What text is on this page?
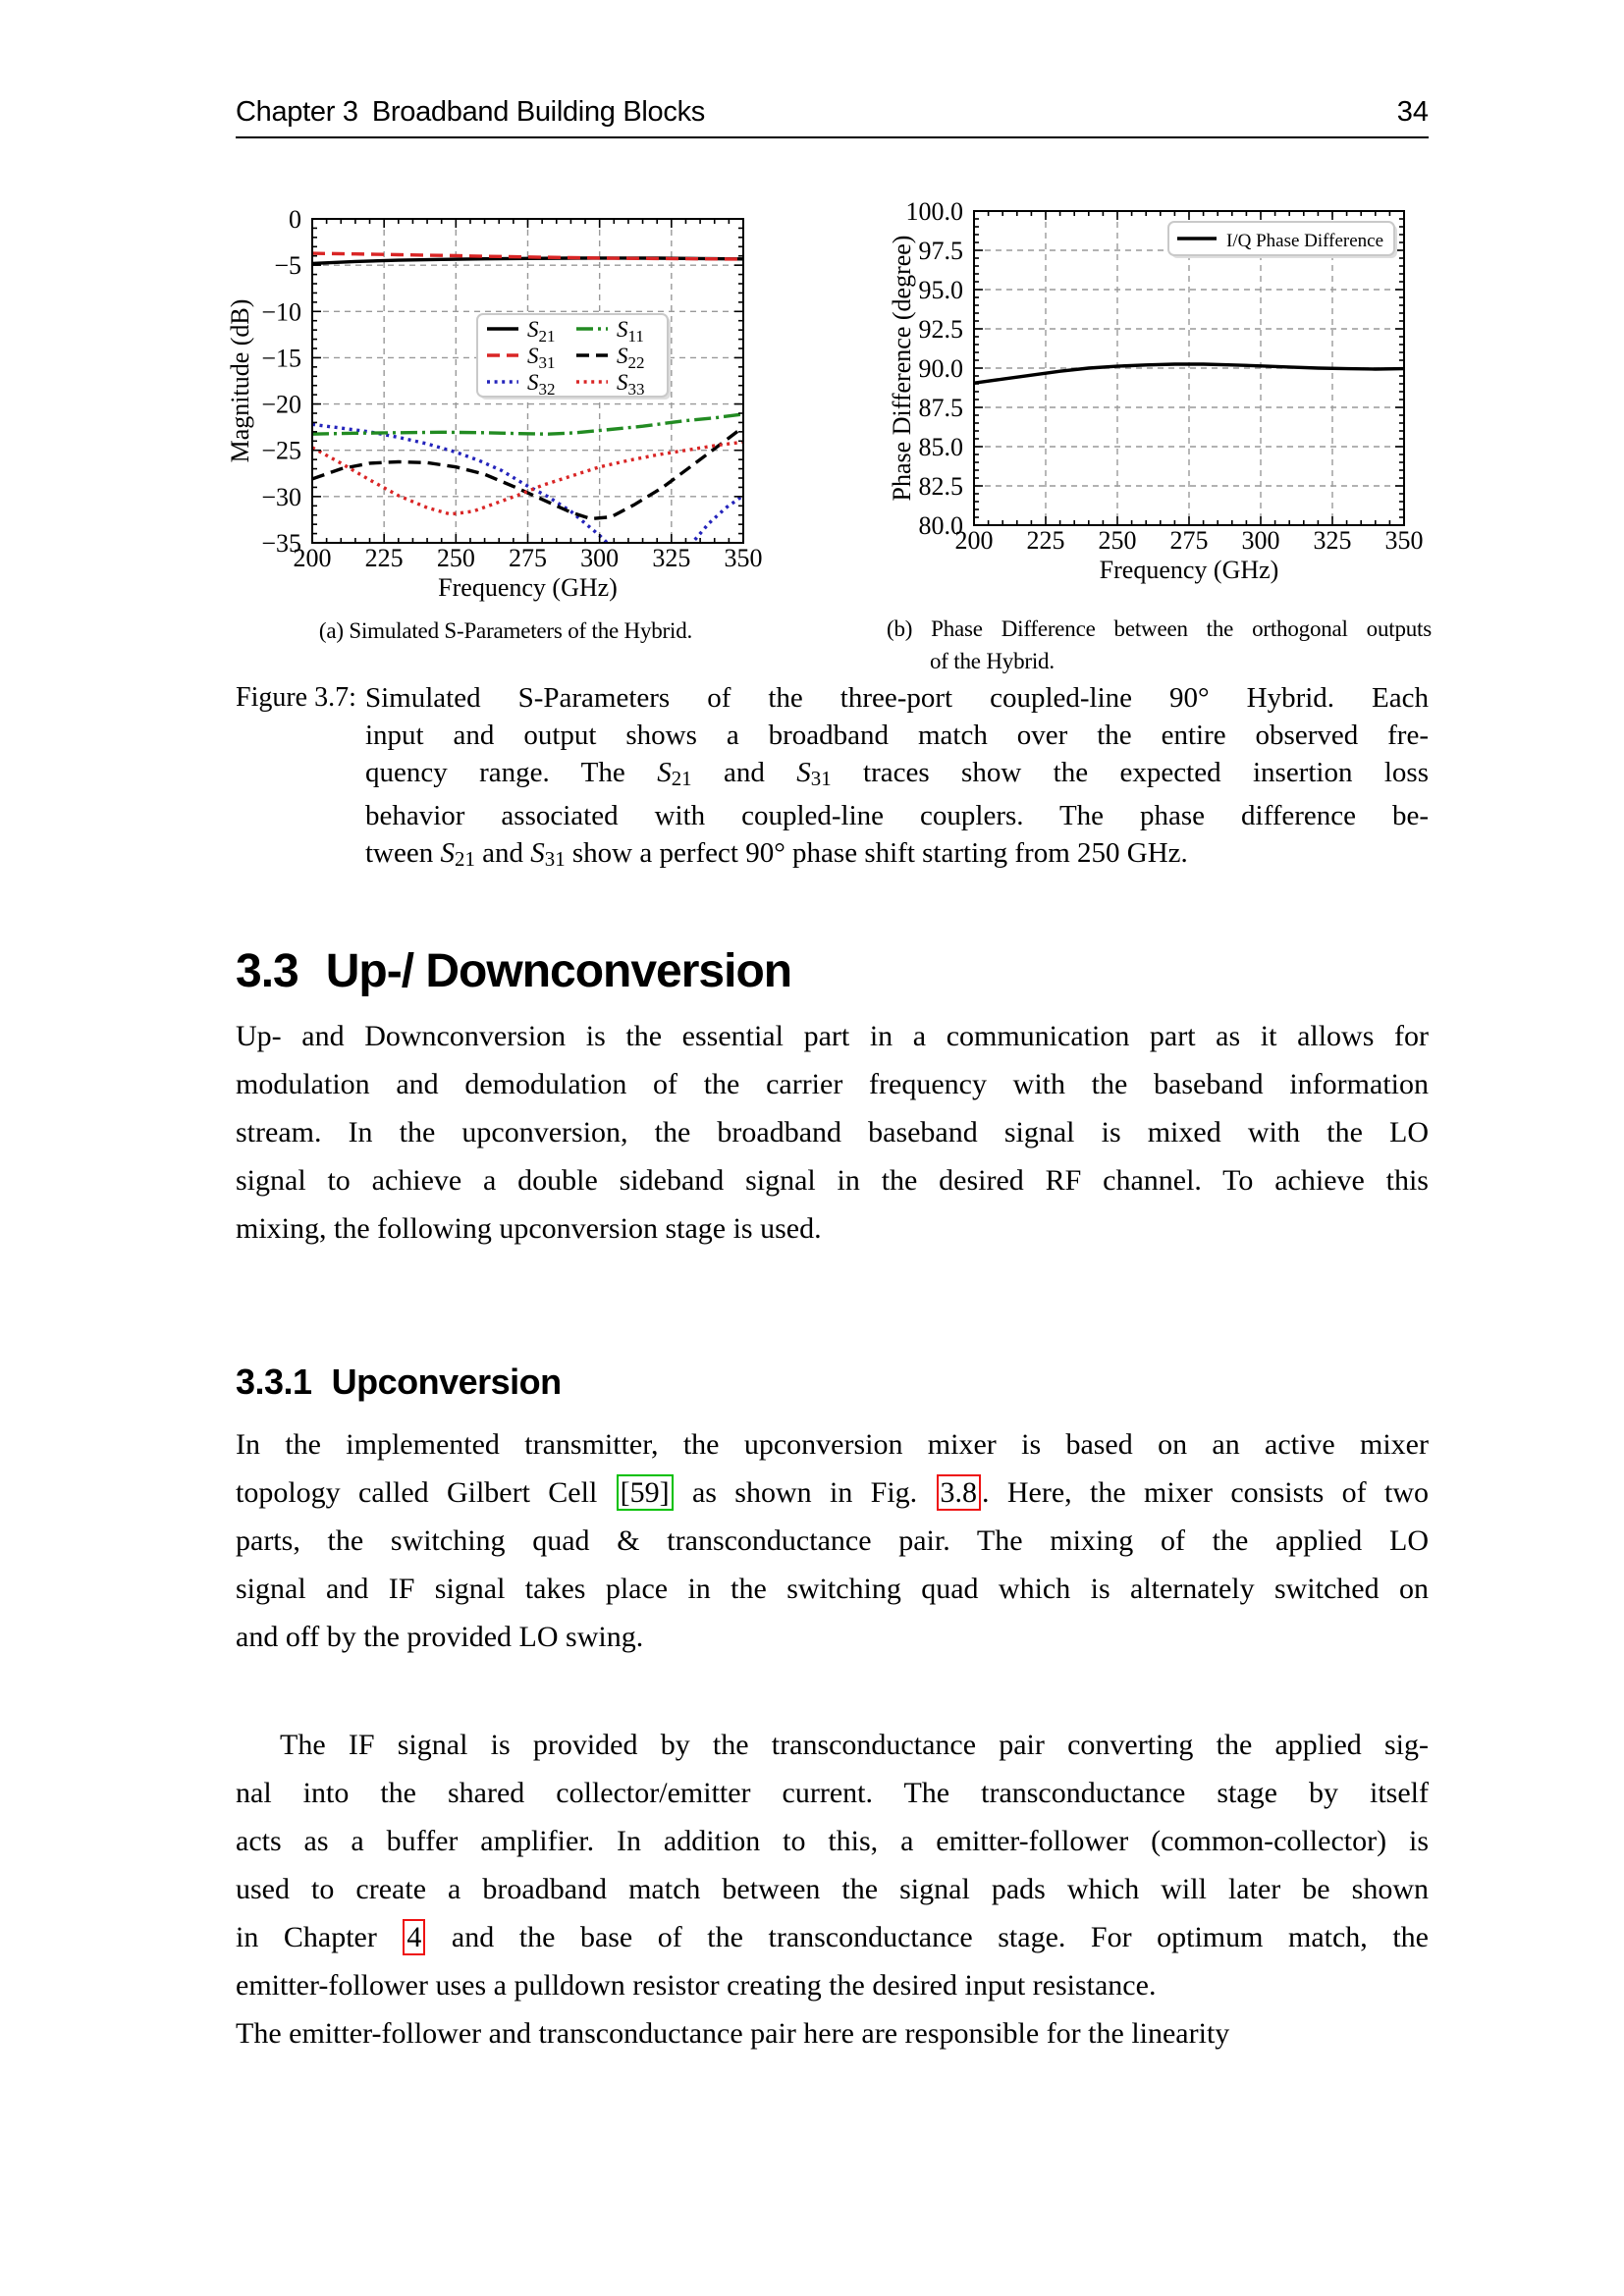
Chapter 3 Broadband Building Blocks	34
200 225 250 275 300 325 350
0
−5
−10
−15
−20
−25
−30
−35
Frequency (GHz)
Magnitude (dB)	$S_{21}$
$S_{31}$
$S_{32}$
$S_{11}$
$S_{22}$
$S_{33}$
200 225 250 275 300 325 350
100.0
97.5
95.0
92.5
90.0
87.5
85.0
82.5
80.0
Frequency (GHz)
Phase Difference (degree)	I/Q Phase Difference
(a) Simulated S-Parameters of the Hybrid.	(b) Phase Difference between the orthogonal outputs
of the Hybrid.
Figure 3.7: Simulated S-Parameters of the three-port coupled-line 90° Hybrid. Each
input and output shows a broadband match over the entire observed fre-
quency range. The S21 and S31 traces show the expected insertion loss
behavior associated with coupled-line couplers. The phase difference be-
tween S21 and S31 show a perfect 90° phase shift starting from 250 GHz.
3.3 Up-/ Downconversion
Up- and Downconversion is the essential part in a communication part as it allows for
modulation and demodulation of the carrier frequency with the baseband information
stream. In the upconversion, the broadband baseband signal is mixed with the LO
signal to achieve a double sideband signal in the desired RF channel. To achieve this
mixing, the following upconversion stage is used.
3.3.1 Upconversion
In the implemented transmitter, the upconversion mixer is based on an active mixer
topology called Gilbert Cell [59] as shown in Fig. 3.8 . Here, the mixer consists of two
parts, the switching quad & transconductance pair. The mixing of the applied LO
signal and IF signal takes place in the switching quad which is alternately switched on
and off by the provided LO swing.
The IF signal is provided by the transconductance pair converting the applied sig-
nal into the shared collector/emitter current. The transconductance stage by itself
acts as a buffer amplifier. In addition to this, a emitter-follower (common-collector) is
used to create a broadband match between the signal pads which will later be shown
in Chapter 4 and the base of the transconductance stage. For optimum match, the
emitter-follower uses a pulldown resistor creating the desired input resistance.
The emitter-follower and transconductance pair here are responsible for the linearity
